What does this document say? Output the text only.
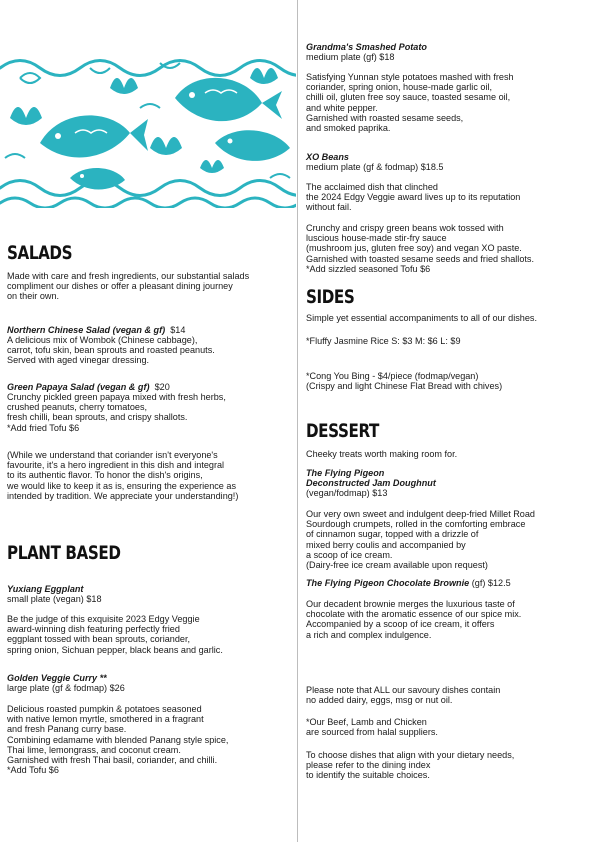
SALADS

Made with care and fresh ingredients, our substantial salads
compliment our dishes or offer a pleasant dining journey
on their own.

Northern Chinese Salad (vegan & gf) $14

A delicious mix of Wombok (Chinese cabbage),
carrot, tofu skin, bean sprouts and roasted peanuts.
Served with aged vinegar dressing.

Green Papaya Salad (vegan & gf) $20

Crunchy pickled green papaya mixed with fresh herbs,
crushed peanuts, cherry tomatoes,
fresh chilli, bean sprouts, and crispy shallots.
*Add fried Tofu $6

(While we understand that coriander isn't everyone's
favourite, it's a hero ingredient in this dish and integral
to its authentic flavor. To honor the dish's origins,
we would like to keep it as is, ensuring the experience as
intended by tradition. We appreciate your understanding!)

PLANT BASED

Yuxiang Eggplant

small plate (vegan) $18

Be the judge of this exquisite 2023 Edgy Veggie
award-winning dish featuring perfectly fried
eggplant tossed with bean sprouts, coriander,
spring onion, Sichuan pepper, black beans and garlic.

Golden Veggie Curry **

large plate (gf & fodmap) $26

Delicious roasted pumpkin & potatoes seasoned
with native lemon myrtle, smothered in a fragrant
and fresh Panang curry base.
Combining edamame with blended Panang style spice,
Thai lime, lemongrass, and coconut cream.
Garnished with fresh Thai basil, coriander, and chilli.
*Add Tofu $6

Grandma's Smashed Potato

medium plate (gf) $18

Satisfying Yunnan style potatoes mashed with fresh
coriander, spring onion, house-made garlic oil,
chilli oil, gluten free soy sauce, toasted sesame oil,
and white pepper.
Garnished with roasted sesame seeds,
and smoked paprika.

XO Beans

medium plate (gf & fodmap) $18.5

The acclaimed dish that clinched
the 2024 Edgy Veggie award lives up to its reputation
without fail.

Crunchy and crispy green beans wok tossed with
luscious house-made stir-fry sauce
(mushroom jus, gluten free soy) and vegan XO paste.
Garnished with toasted sesame seeds and fried shallots.
*Add sizzled seasoned Tofu $6

SIDES

Simple yet essential accompaniments to all of our dishes.

*Fluffy Jasmine Rice S: $3 M: $6 L: $9

*Cong You Bing - $4/piece (fodmap/vegan)
(Crispy and light Chinese Flat Bread with chives)

DESSERT

Cheeky treats worth making room for.

The Flying Pigeon
Deconstructed Jam Doughnut

(vegan/fodmap) $13

Our very own sweet and indulgent deep-fried Millet Road
Sourdough crumpets, rolled in the comforting embrace
of cinnamon sugar, topped with a drizzle of
mixed berry coulis and accompanied by
a scoop of ice cream.
(Dairy-free ice cream available upon request)

The Flying Pigeon Chocolate Brownie (gf) $12.5

Our decadent brownie merges the luxurious taste of
chocolate with the aromatic essence of our spice mix.
Accompanied by a scoop of ice cream, it offers
a rich and complex indulgence.

Please note that ALL our savoury dishes contain
no added dairy, eggs, msg or nut oil.

*Our Beef, Lamb and Chicken
are sourced from halal suppliers.

To choose dishes that align with your dietary needs,
please refer to the dining index
to identify the suitable choices.
